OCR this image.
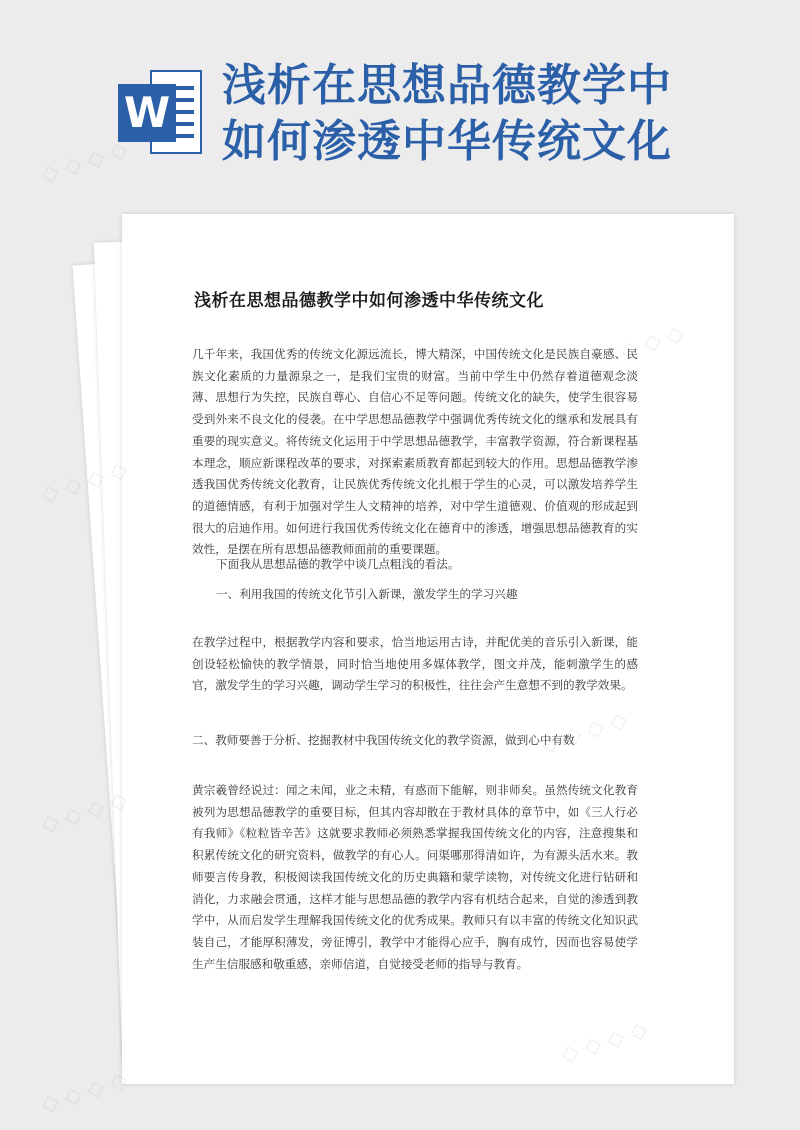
W
浅析在思想品德教学中
如何渗透中华传统文化
浅析在思想品德教学中如何渗透中华传统文化

几千年来，我国优秀的传统文化源远流长，博大精深，中国传统文化是民族自豪感、民族文化素质的力量源泉之一，是我们宝贵的财富。当前中学生中仍然存着道德观念淡薄、思想行为失控，民族自尊心、自信心不足等问题。传统文化的缺失，使学生很容易受到外来不良文化的侵袭。在中学思想品德教学中强调优秀传统文化的继承和发展具有重要的现实意义。将传统文化运用于中学思想品德教学，丰富教学资源，符合新课程基本理念，顺应新课程改革的要求，对探索素质教育都起到较大的作用。思想品德教学渗透我国优秀传统文化教育，让民族优秀传统文化扎根于学生的心灵，可以激发培养学生的道德情感，有利于加强对学生人文精神的培养，对中学生道德观、价值观的形成起到很大的启迪作用。如何进行我国优秀传统文化在德育中的渗透，增强思想品德教育的实效性，是摆在所有思想品德教师面前的重要课题。

下面我从思想品德的教学中谈几点粗浅的看法。

一、利用我国的传统文化节引入新课，激发学生的学习兴趣

在教学过程中，根据教学内容和要求，恰当地运用古诗，并配优美的音乐引入新课，能创设轻松愉快的教学情景，同时恰当地使用多媒体教学，图文并茂，能刺激学生的感官，激发学生的学习兴趣，调动学生学习的积极性，往往会产生意想不到的教学效果。

二、教师要善于分析、挖掘教材中我国传统文化的教学资源，做到心中有数

黄宗羲曾经说过：闻之未闻，业之未精，有惑而下能解，则非师矣。虽然传统文化教育被列为思想品德教学的重要目标，但其内容却散在于教材具体的章节中，如《三人行必有我师》《粒粒皆辛苦》这就要求教师必须熟悉掌握我国传统文化的内容，注意搜集和积累传统文化的研究资料，做教学的有心人。问渠哪那得清如许，为有源头活水来。教师要言传身教，积极阅读我国传统文化的历史典籍和蒙学读物，对传统文化进行钻研和消化，力求融会贯通，这样才能与思想品德的教学内容有机结合起来，自觉的渗透到教学中，从而启发学生理解我国传统文化的优秀成果。教师只有以丰富的传统文化知识武装自己，才能厚积薄发，旁征博引，教学中才能得心应手，胸有成竹，因而也容易使学生产生信服感和敬重感，亲师信道，自觉接受老师的指导与教育。

◇ ◇ ◇ ◇
◇ ◇ ◇ ◇
◇ ◇ ◇ ◇
◇ ◇ ◇ ◇
